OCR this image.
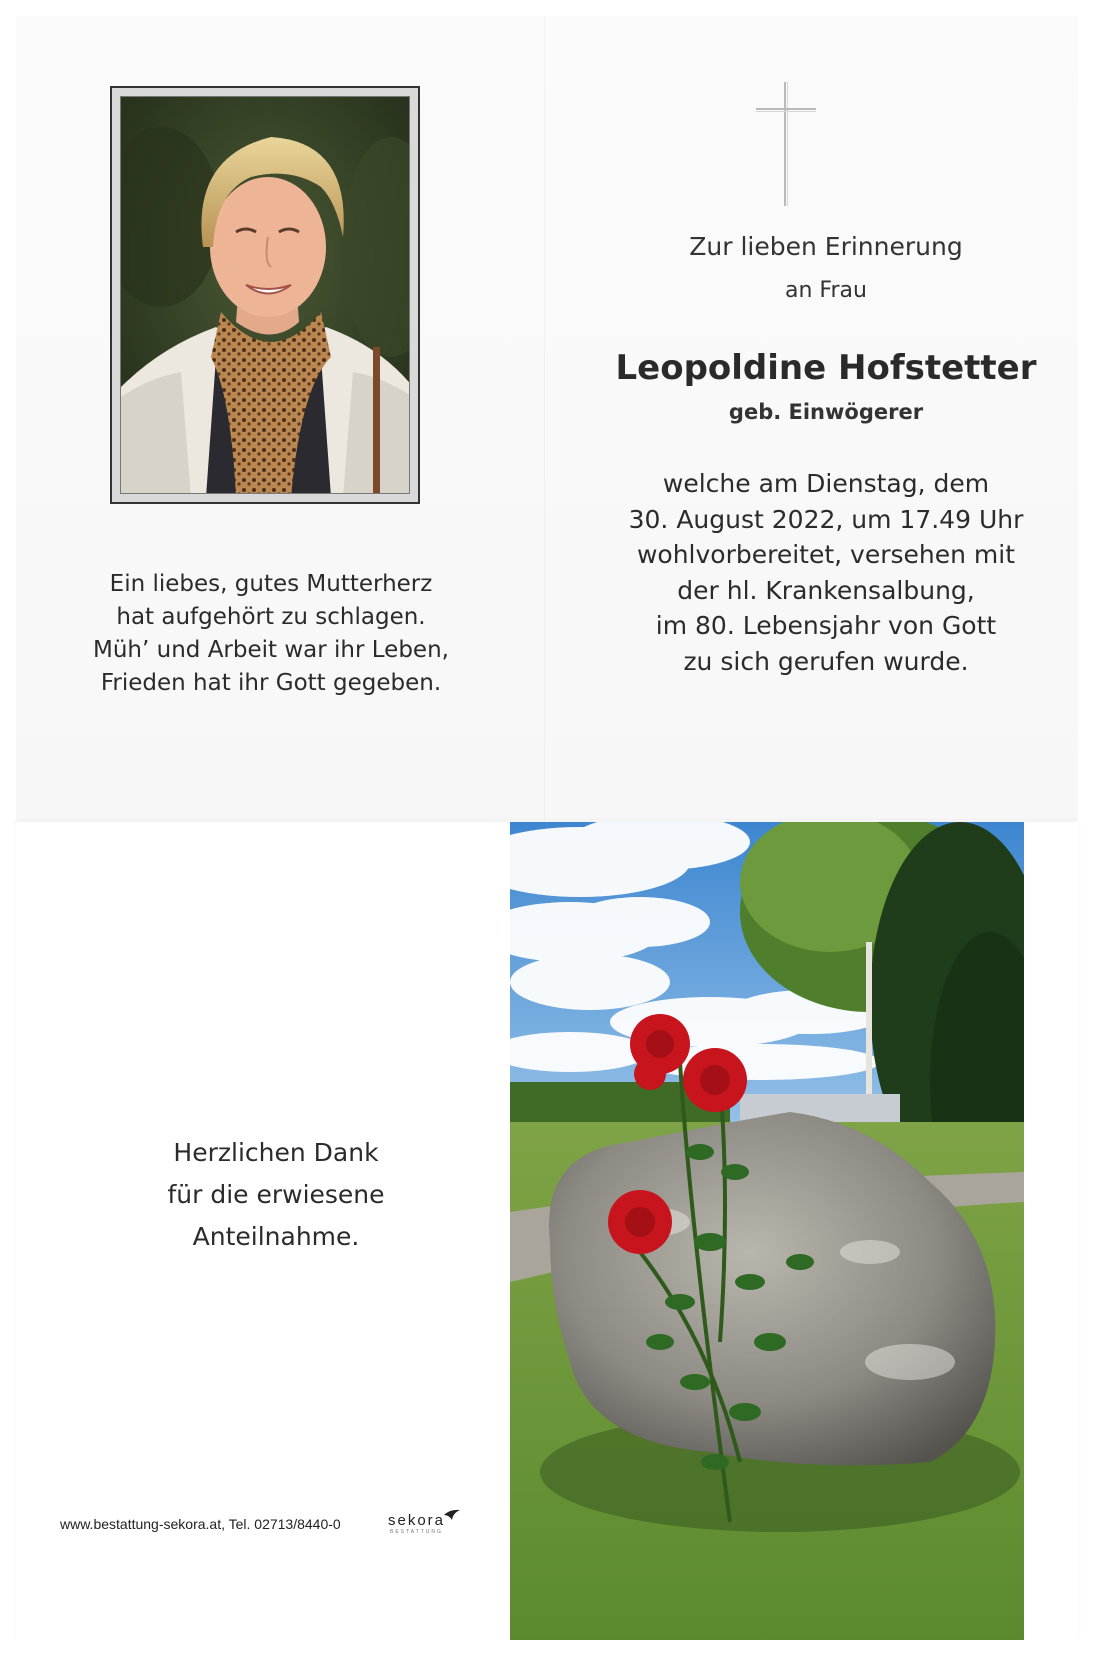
Ein liebes, gutes Mutterherz
hat aufgehört zu schlagen.
Müh’ und Arbeit war ihr Leben,
Frieden hat ihr Gott gegeben.
Zur lieben Erinnerung
an Frau
Leopoldine Hofstetter
geb. Einwögerer
welche am Dienstag, dem
30. August 2022, um 17.49 Uhr
wohlvorbereitet, versehen mit
der hl. Krankensalbung,
im 80. Lebensjahr von Gott
zu sich gerufen wurde.
Herzlichen Dank
für die erwiesene
Anteilnahme.
www.bestattung-sekora.at, Tel. 02713/8440-0	sekora
BESTATTUNG
